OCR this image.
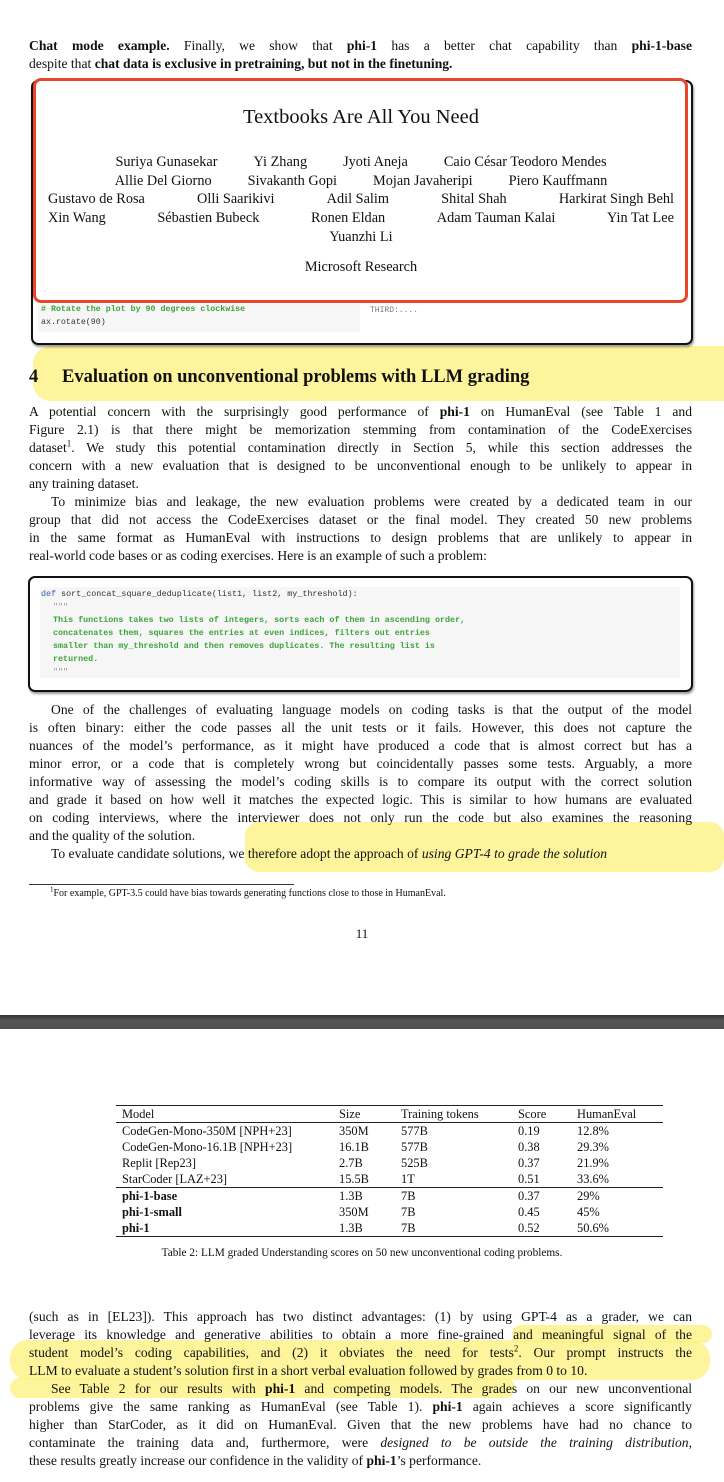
Chat mode example. Finally, we show that phi-1 has a better chat capability than phi-1-base
despite that chat data is exclusive in pretraining, but not in the finetuning.
# Rotate the plot by 90 degrees clockwise
ax.rotate(90)
Textbooks Are All You Need
Suriya Gunasekar	Yi Zhang	Jyoti Aneja	Caio César Teodoro Mendes
Allie Del Giorno	Sivakanth Gopi	Mojan Javaheripi	Piero Kauffmann
Gustavo de Rosa	Olli Saarikivi	Adil Salim	Shital Shah	Harkirat Singh Behl
Xin Wang	Sébastien Bubeck	Ronen Eldan	Adam Tauman Kalai	Yin Tat Lee
Yuanzhi Li
Microsoft Research
THIRD:....
4 Evaluation on unconventional problems with LLM grading
A potential concern with the surprisingly good performance of phi-1 on HumanEval (see Table 1 and
Figure 2.1) is that there might be memorization stemming from contamination of the CodeExercises
dataset$^1$. We study this potential contamination directly in Section 5, while this section addresses the
concern with a new evaluation that is designed to be unconventional enough to be unlikely to appear in
any training dataset.
To minimize bias and leakage, the new evaluation problems were created by a dedicated team in our
group that did not access the CodeExercises dataset or the final model. They created 50 new problems
in the same format as HumanEval with instructions to design problems that are unlikely to appear in
real-world code bases or as coding exercises. Here is an example of such a problem:
def sort_concat_square_deduplicate(list1, list2, my_threshold):
"""
This functions takes two lists of integers, sorts each of them in ascending order,
concatenates them, squares the entries at even indices, filters out entries
smaller than my_threshold and then removes duplicates. The resulting list is
returned.
"""
One of the challenges of evaluating language models on coding tasks is that the output of the model
is often binary: either the code passes all the unit tests or it fails. However, this does not capture the
nuances of the model’s performance, as it might have produced a code that is almost correct but has a
minor error, or a code that is completely wrong but coincidentally passes some tests. Arguably, a more
informative way of assessing the model’s coding skills is to compare its output with the correct solution
and grade it based on how well it matches the expected logic. This is similar to how humans are evaluated
on coding interviews, where the interviewer does not only run the code but also examines the reasoning
and the quality of the solution.
To evaluate candidate solutions, we therefore adopt the approach of using GPT-4 to grade the solution
$^1$For example, GPT-3.5 could have bias towards generating functions close to those in HumanEval.
11
Model	Size	Training tokens	Score	HumanEval
CodeGen-Mono-350M [NPH+23]	350M	577B	0.19	12.8%
CodeGen-Mono-16.1B [NPH+23]	16.1B	577B	0.38	29.3%
Replit [Rep23]	2.7B	525B	0.37	21.9%
StarCoder [LAZ+23]	15.5B	1T	0.51	33.6%
phi-1-base	1.3B	7B	0.37	29%
phi-1-small	350M	7B	0.45	45%
phi-1	1.3B	7B	0.52	50.6%
Table 2: LLM graded Understanding scores on 50 new unconventional coding problems.
(such as in [EL23]). This approach has two distinct advantages: (1) by using GPT-4 as a grader, we can
leverage its knowledge and generative abilities to obtain a more fine-grained and meaningful signal of the
student model’s coding capabilities, and (2) it obviates the need for tests$^2$. Our prompt instructs the
LLM to evaluate a student’s solution first in a short verbal evaluation followed by grades from 0 to 10.
See Table 2 for our results with phi-1 and competing models. The grades on our new unconventional
problems give the same ranking as HumanEval (see Table 1). phi-1 again achieves a score significantly
higher than StarCoder, as it did on HumanEval. Given that the new problems have had no chance to
contaminate the training data and, furthermore, were designed to be outside the training distribution,
these results greatly increase our confidence in the validity of phi-1’s performance.
